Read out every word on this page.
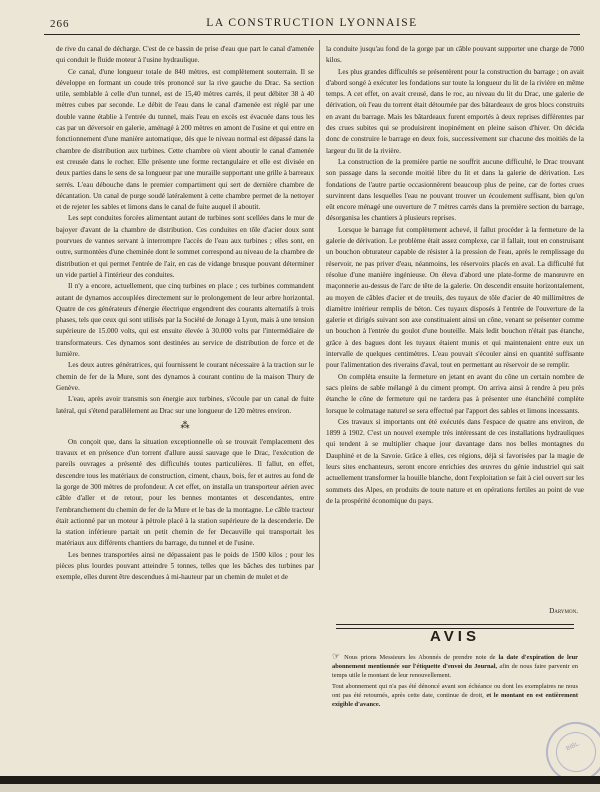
266	LA CONSTRUCTION LYONNAISE

de rive du canal de décharge. C'est de ce bassin de prise d'eau que part le canal d'amenée qui conduit le fluide moteur à l'usine hydraulique.

Ce canal, d'une longueur totale de 840 mètres, est complètement souterrain. Il se développe en formant un coude très prononcé sur la rive gauche du Drac. Sa section utile, semblable à celle d'un tunnel, est de 15,40 mètres carrés, il peut débiter 38 à 40 mètres cubes par seconde. Le débit de l'eau dans le canal d'amenée est réglé par une double vanne établie à l'entrée du tunnel, mais l'eau en excès est évacuée dans tous les cas par un déversoir en galerie, aménagé à 200 mètres en amont de l'usine et qui entre en fonctionnement d'une manière automatique, dès que le niveau normal est dépassé dans la chambre de distribution aux turbines. Cette chambre où vient aboutir le canal d'amenée est creusée dans le rocher. Elle présente une forme rectangulaire et elle est divisée en deux parties dans le sens de sa longueur par une muraille supportant une grille à barreaux serrés. L'eau débouche dans le premier compartiment qui sert de dernière chambre de décantation. Un canal de purge soudé latéralement à cette chambre permet de la nettoyer et de rejeter les sables et limons dans le canal de fuite auquel il aboutit.

Les sept conduites forcées alimentant autant de turbines sont scellées dans le mur de bajoyer d'avant de la chambre de distribution. Ces conduites en tôle d'acier doux sont pourvues de vannes servant à interrompre l'accès de l'eau aux turbines ; elles sont, en outre, surmontées d'une cheminée dont le sommet correspond au niveau de la chambre de distribution et qui permet l'entrée de l'air, en cas de vidange brusque pouvant déterminer un vide partiel à l'intérieur des conduites.

Il n'y a encore, actuellement, que cinq turbines en place ; ces turbines commandent autant de dynamos accouplées directement sur le prolongement de leur arbre horizontal. Quatre de ces générateurs d'énergie électrique engendrent des courants alternatifs à trois phases, tels que ceux qui sont utilisés par la Société de Jonage à Lyon, mais à une tension supérieure de 15.000 volts, qui est ensuite élevée à 30.000 volts par l'intermédiaire de transformateurs. Ces dynamos sont destinées au service de distribution de force et de lumière.

Les deux autres génératrices, qui fournissent le courant nécessaire à la traction sur le chemin de fer de la Mure, sont des dynamos à courant continu de la maison Thury de Genève.

L'eau, après avoir transmis son énergie aux turbines, s'écoule par un canal de fuite latéral, qui s'étend parallèlement au Drac sur une longueur de 120 mètres environ.

⁂

On conçoit que, dans la situation exceptionnelle où se trouvait l'emplacement des travaux et en présence d'un torrent d'allure aussi sauvage que le Drac, l'exécution de pareils ouvrages a présenté des difficultés toutes particulières. Il fallut, en effet, descendre tous les matériaux de construction, ciment, chaux, bois, fer et autres au fond de la gorge de 300 mètres de profondeur. A cet effet, on installa un transporteur aérien avec câble d'aller et de retour, pour les bennes montantes et descendantes, entre l'embranchement du chemin de fer de la Mure et le bas de la montagne. Le câble tracteur était actionné par un moteur à pétrole placé à la station supérieure de la descenderie. De la station inférieure partait un petit chemin de fer Decauville qui transportait les matériaux aux différents chantiers du barrage, du tunnel et de l'usine.

Les bennes transportées ainsi ne dépassaient pas le poids de 1500 kilos ; pour les pièces plus lourdes pouvant atteindre 5 tonnes, telles que les bâches des turbines par exemple, elles durent être descendues à mi-hauteur par un chemin de mulet et de

la conduite jusqu'au fond de la gorge par un câble pouvant supporter une charge de 7000 kilos.

Les plus grandes difficultés se présentèrent pour la construction du barrage ; on avait d'abord songé à exécuter les fondations sur toute la longueur du lit de la rivière en même temps. A cet effet, on avait creusé, dans le roc, au niveau du lit du Drac, une galerie de dérivation, où l'eau du torrent était détournée par des bâtardeaux de gros blocs construits en avant du barrage. Mais les bâtardeaux furent emportés à deux reprises différentes par des crues subites qui se produisirent inopinément en pleine saison d'hiver. On décida donc de construire le barrage en deux fois, successivement sur chacune des moitiés de la largeur du lit de la rivière.

La construction de la première partie ne souffrit aucune difficulté, le Drac trouvant son passage dans la seconde moitié libre du lit et dans la galerie de dérivation. Les fondations de l'autre partie occasionnèrent beaucoup plus de peine, car de fortes crues survinrent dans lesquelles l'eau ne pouvant trouver un écoulement suffisant, bien qu'on eût encore ménagé une ouverture de 7 mètres carrés dans la première section du barrage, désorganisa les chantiers à plusieurs reprises.

Lorsque le barrage fut complètement achevé, il fallut procéder à la fermeture de la galerie de dérivation. Le problème était assez complexe, car il fallait, tout en construisant un bouchon obturateur capable de résister à la pression de l'eau, après le remplissage du réservoir, ne pas priver d'eau, néanmoins, les réservoirs placés en aval. La difficulté fut résolue d'une manière ingénieuse. On éleva d'abord une plate-forme de manœuvre en maçonnerie au-dessus de l'arc de tête de la galerie. On descendit ensuite horizontalement, au moyen de câbles d'acier et de treuils, des tuyaux de tôle d'acier de 40 millimètres de diamètre intérieur remplis de béton. Ces tuyaux disposés à l'entrée de l'ouverture de la galerie et dirigés suivant son axe constituaient ainsi un cône, venant se présenter comme un bouchon à l'entrée du goulot d'une bouteille. Mais ledit bouchon n'était pas étanche, grâce à des bagues dont les tuyaux étaient munis et qui maintenaient entre eux un intervalle de quelques centimètres. L'eau pouvait s'écouler ainsi en quantité suffisante pour l'alimentation des riverains d'aval, tout en permettant au réservoir de se remplir.

On compléta ensuite la fermeture en jetant en avant du cône un certain nombre de sacs pleins de sable mélangé à du ciment prompt. On arriva ainsi à rendre à peu près étanche le cône de fermeture qui ne tardera pas à présenter une étanchéité complète lorsque le colmatage naturel se sera effectué par l'apport des sables et limons incessants.

Ces travaux si importants ont été exécutés dans l'espace de quatre ans environ, de 1899 à 1902. C'est un nouvel exemple très intéressant de ces installations hydrauliques qui tendent à se multiplier chaque jour davantage dans nos belles montagnes du Dauphiné et de la Savoie. Grâce à elles, ces régions, déjà si favorisées par la magie de leurs sites enchanteurs, seront encore enrichies des œuvres du génie industriel qui sait actuellement transformer la houille blanche, dont l'exploitation se fait à ciel ouvert sur les sommets des Alpes, en produits de toute nature et en opérations fertiles au point de vue de la prospérité économique du pays.

Darymon.

AVIS

☞ Nous prions Messieurs les Abonnés de prendre note de la date d'expiration de leur abonnement mentionnée sur l'étiquette d'envoi du Journal, afin de nous faire parvenir en temps utile le montant de leur renouvellement.

Tout abonnement qui n'a pas été dénoncé avant son échéance ou dont les exemplaires ne nous ont pas été retournés, après cette date, continue de droit, et le montant en est entièrement exigible d'avance.

BIBL.
